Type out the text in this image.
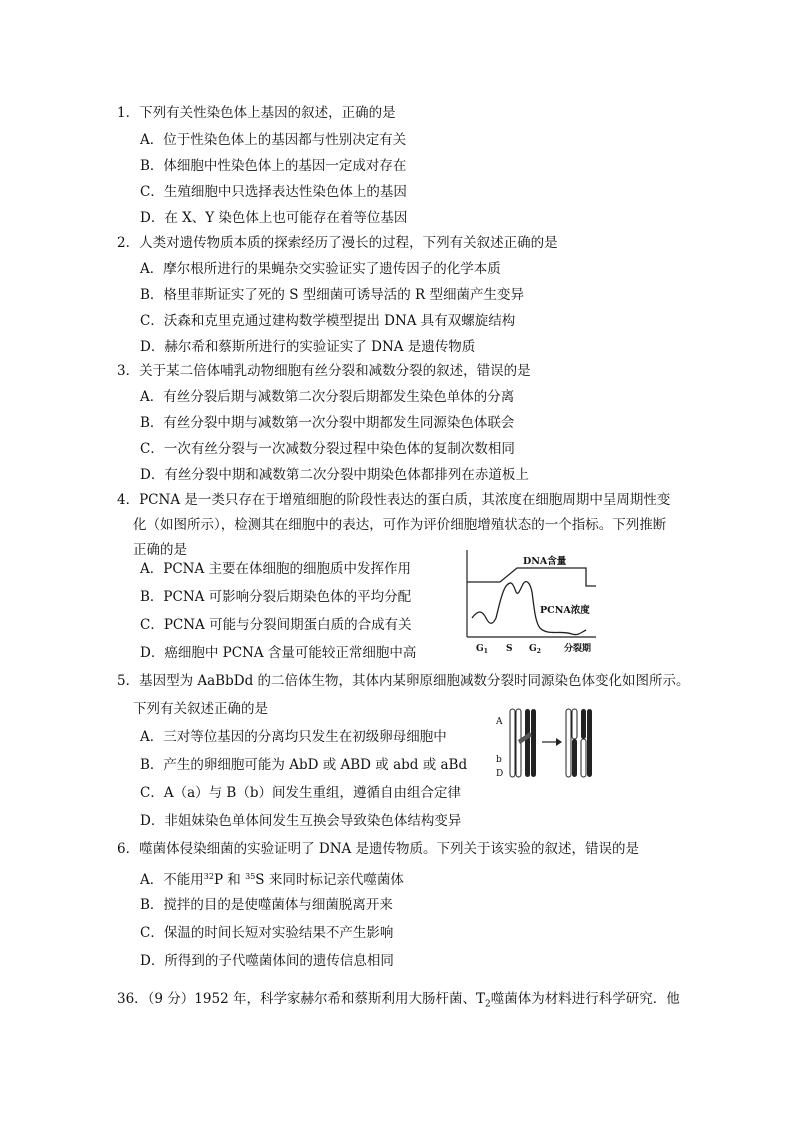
1．下列有关性染色体上基因的叙述，正确的是
A．位于性染色体上的基因都与性别决定有关
B．体细胞中性染色体上的基因一定成对存在
C．生殖细胞中只选择表达性染色体上的基因
D．在 X、Y 染色体上也可能存在着等位基因
2．人类对遗传物质本质的探索经历了漫长的过程，下列有关叙述正确的是
A．摩尔根所进行的果蝇杂交实验证实了遗传因子的化学本质
B．格里菲斯证实了死的 S 型细菌可诱导活的 R 型细菌产生变异
C．沃森和克里克通过建构数学模型提出 DNA 具有双螺旋结构
D．赫尔希和蔡斯所进行的实验证实了 DNA 是遗传物质
3．关于某二倍体哺乳动物细胞有丝分裂和减数分裂的叙述，错误的是
A．有丝分裂后期与减数第二次分裂后期都发生染色单体的分离
B．有丝分裂中期与减数第一次分裂中期都发生同源染色体联会
C．一次有丝分裂与一次减数分裂过程中染色体的复制次数相同
D．有丝分裂中期和减数第二次分裂中期染色体都排列在赤道板上
4．PCNA 是一类只存在于增殖细胞的阶段性表达的蛋白质，其浓度在细胞周期中呈周期性变
化（如图所示），检测其在细胞中的表达，可作为评价细胞增殖状态的一个指标。下列推断
正确的是
A．PCNA 主要在体细胞的细胞质中发挥作用
B．PCNA 可影响分裂后期染色体的平均分配
C．PCNA 可能与分裂间期蛋白质的合成有关
D．癌细胞中 PCNA 含量可能较正常细胞中高
DNA含量
PCNA浓度
$G_1$ S $G_2$	分裂期
5．基因型为 AaBbDd 的二倍体生物，其体内某卵原细胞减数分裂时同源染色体变化如图所示。
下列有关叙述正确的是
A．三对等位基因的分离均只发生在初级卵母细胞中
B．产生的卵细胞可能为 AbD 或 ABD 或 abd 或 aBd
C．A（a）与 B（b）间发生重组，遵循自由组合定律
D．非姐妹染色单体间发生互换会导致染色体结构变异
A
b
D
6．噬菌体侵染细菌的实验证明了 DNA 是遗传物质。下列关于该实验的叙述，错误的是
A．不能用$^{32}$P 和 $^{35}$S 来同时标记亲代噬菌体
B．搅拌的目的是使噬菌体与细菌脱离开来
C．保温的时间长短对实验结果不产生影响
D．所得到的子代噬菌体间的遗传信息相同
36．（9 分）1952 年，科学家赫尔希和蔡斯利用大肠杆菌、$T_2$噬菌体为材料进行科学研究．他
